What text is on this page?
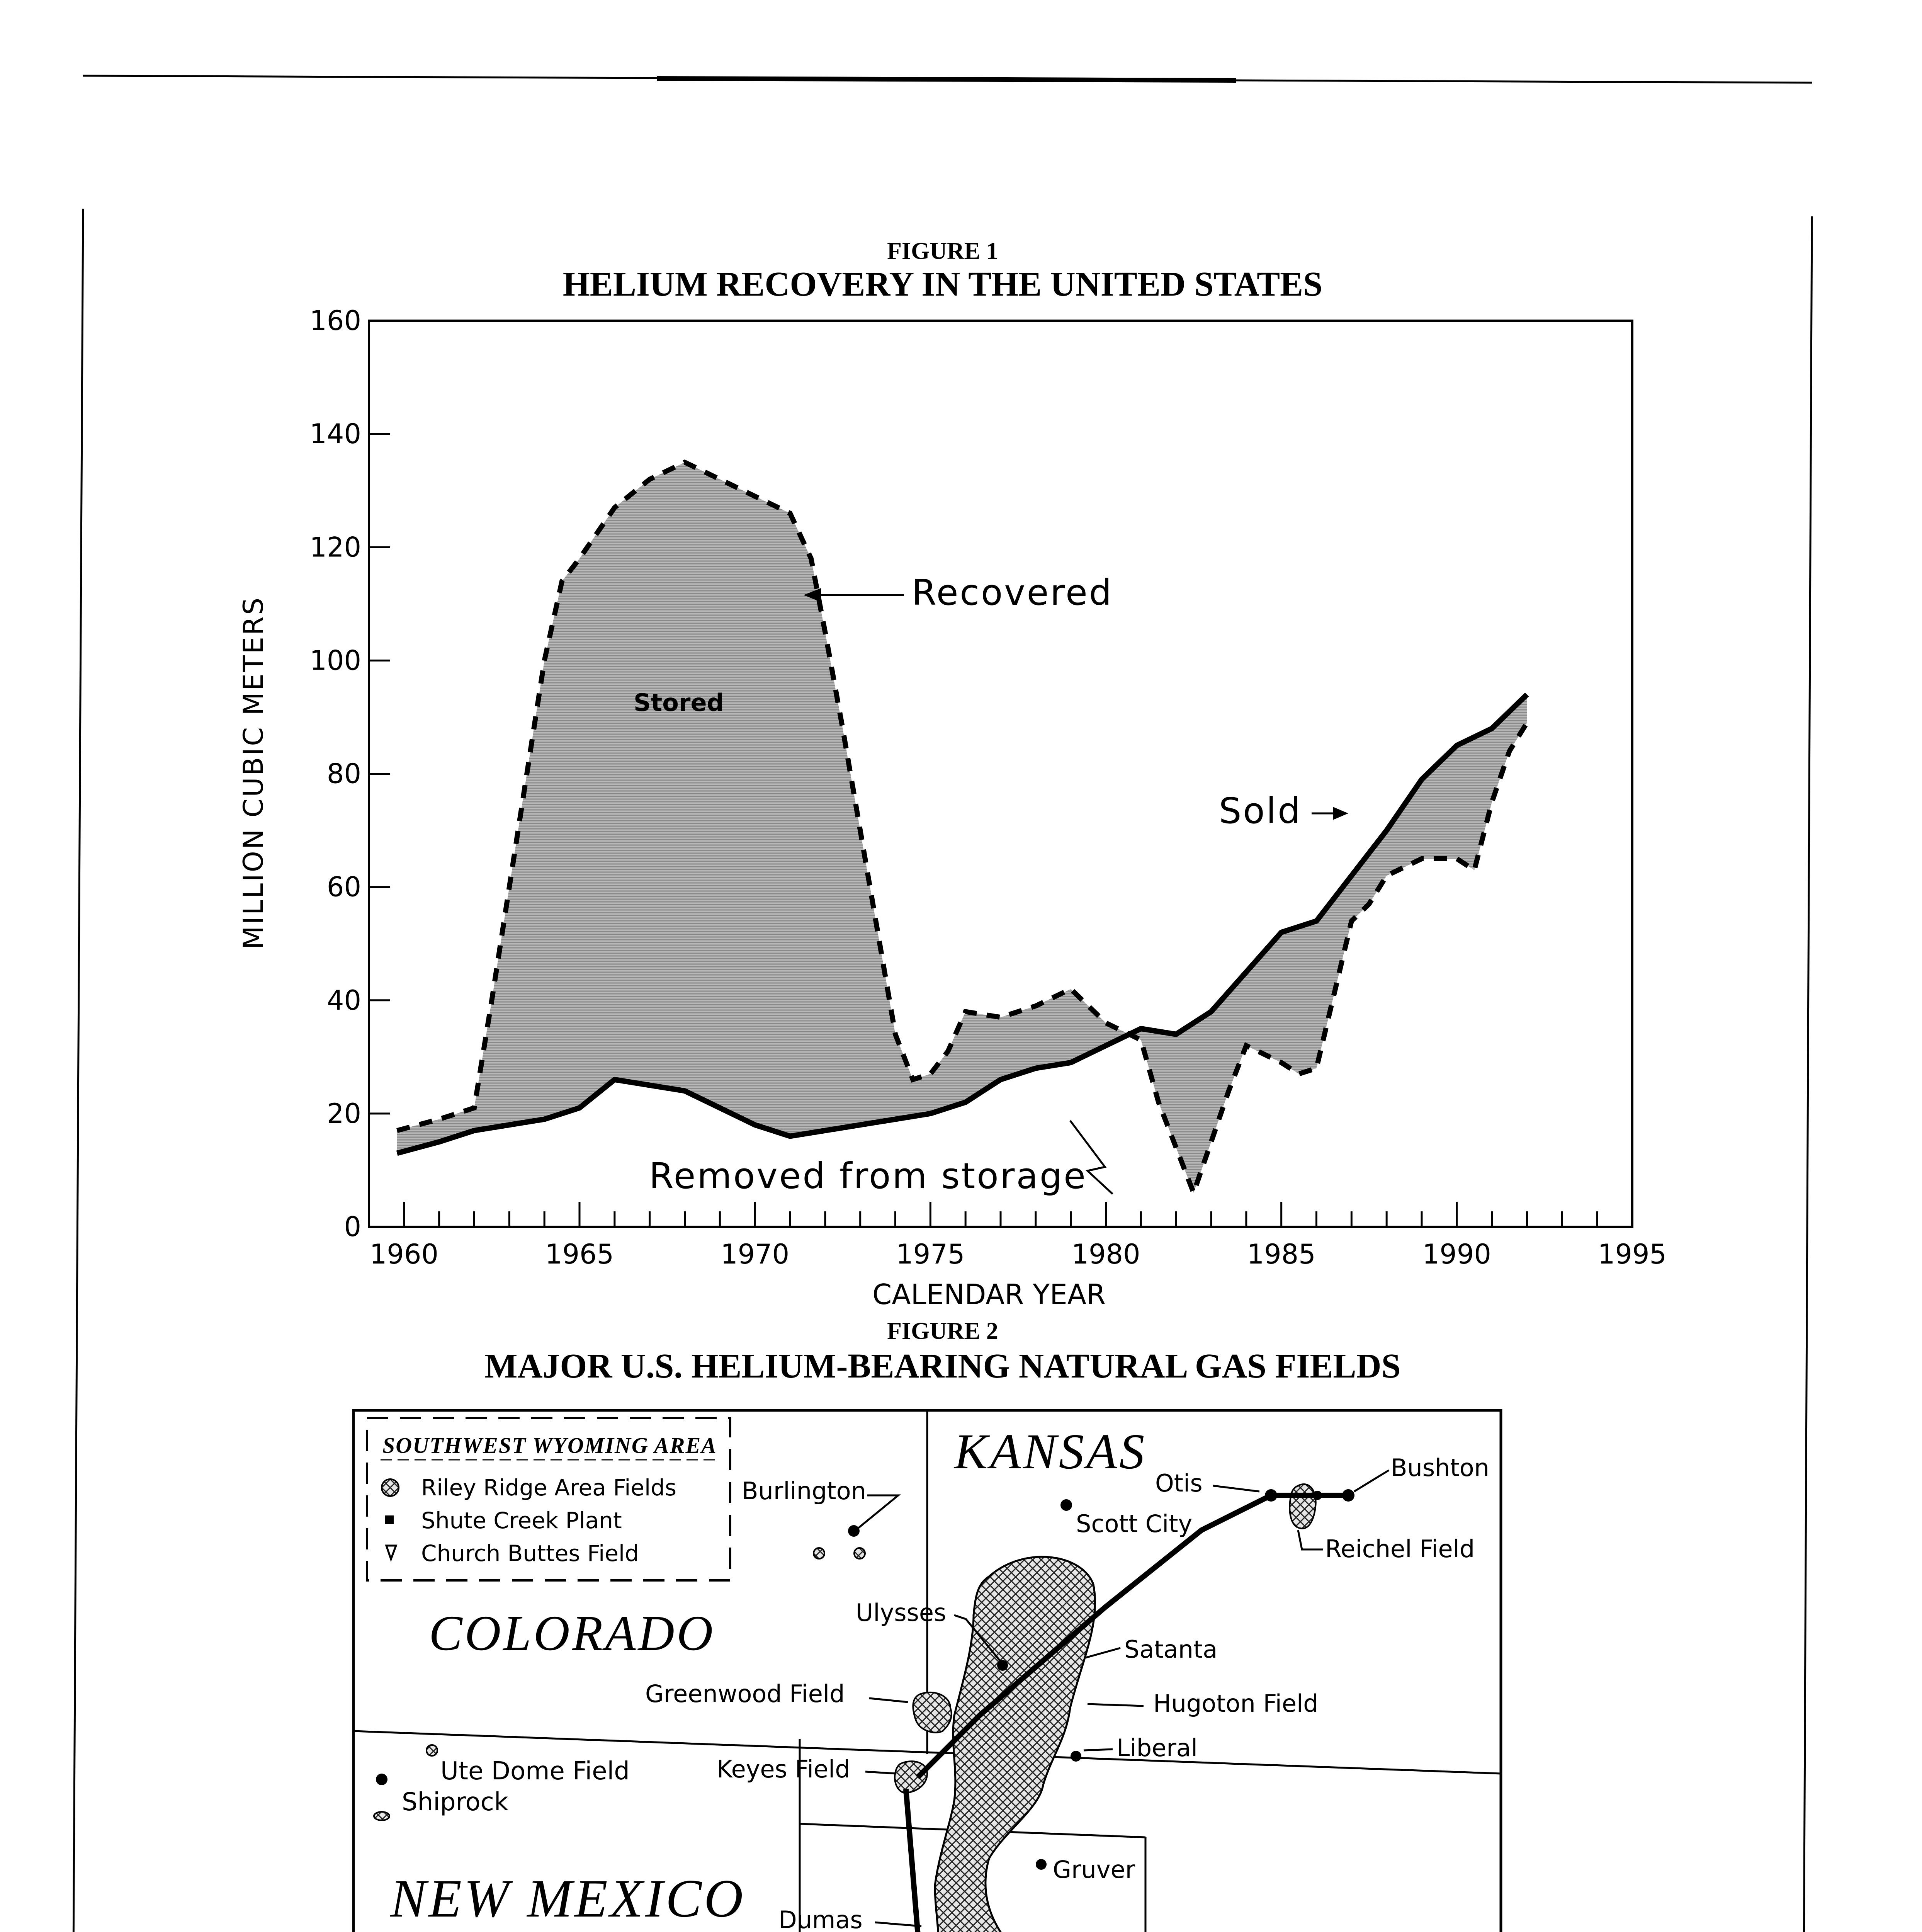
FIGURE 1
HELIUM RECOVERY IN THE UNITED STATES
0
20
40
60
80
100
120
140
160
1960	1965	1970	1975	1980	1985	1990	1995
MILLION CUBIC METERS
CALENDAR YEAR
Recovered
Sold
Stored
Removed from storage
FIGURE 2
MAJOR U.S. HELIUM-BEARING NATURAL GAS FIELDS
SOUTHWEST WYOMING AREA
Riley Ridge Area Fields
Shute Creek Plant
Church Buttes Field
KANSAS
COLORADO
NEW MEXICO
Burlington	Otis
Bushton
Scott City
Reichel Field
Ulysses
Satanta
Greenwood Field	Hugoton Field
Liberal
Ute Dome Field
Shiprock
Keyes Field
Gruver
Dumas
